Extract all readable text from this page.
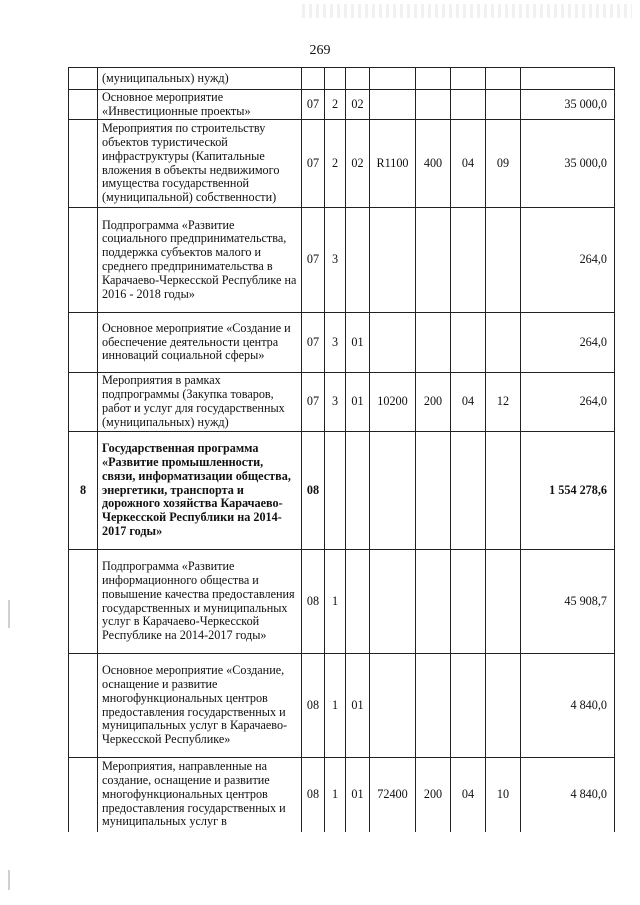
269
	(муниципальных) нужд)								
	Основное мероприятие «Инвестиционные проекты»	07	2	02					35 000,0
	Мероприятия по строительству объектов туристической инфраструктуры (Капитальные вложения в объекты недвижимого имущества государственной (муниципальной) собственности)	07	2	02	R1100	400	04	09	35 000,0
	Подпрограмма «Развитие социального предпринимательства, поддержка субъектов малого и среднего предпринимательства в Карачаево-Черкесской Республике на 2016 - 2018 годы»	07	3						264,0
	Основное мероприятие «Создание и обеспечение деятельности центра инноваций социальной сферы»	07	3	01					264,0
	Мероприятия в рамках подпрограммы (Закупка товаров, работ и услуг для государственных (муниципальных) нужд)	07	3	01	10200	200	04	12	264,0
8	Государственная программа «Развитие промышленности, связи, информатизации общества, энергетики, транспорта и дорожного хозяйства Карачаево-Черкесской Республики на 2014-2017 годы»	08							1 554 278,6
	Подпрограмма «Развитие информационного общества и повышение качества предоставления государственных и муниципальных услуг в Карачаево-Черкесской Республике на 2014-2017 годы»	08	1						45 908,7
	Основное мероприятие «Создание, оснащение и развитие многофункциональных центров предоставления государственных и муниципальных услуг в Карачаево-Черкесской Республике»	08	1	01					4 840,0
	Мероприятия, направленные на создание, оснащение и развитие многофункциональных центров предоставления государственных и муниципальных услуг в	08	1	01	72400	200	04	10	4 840,0
